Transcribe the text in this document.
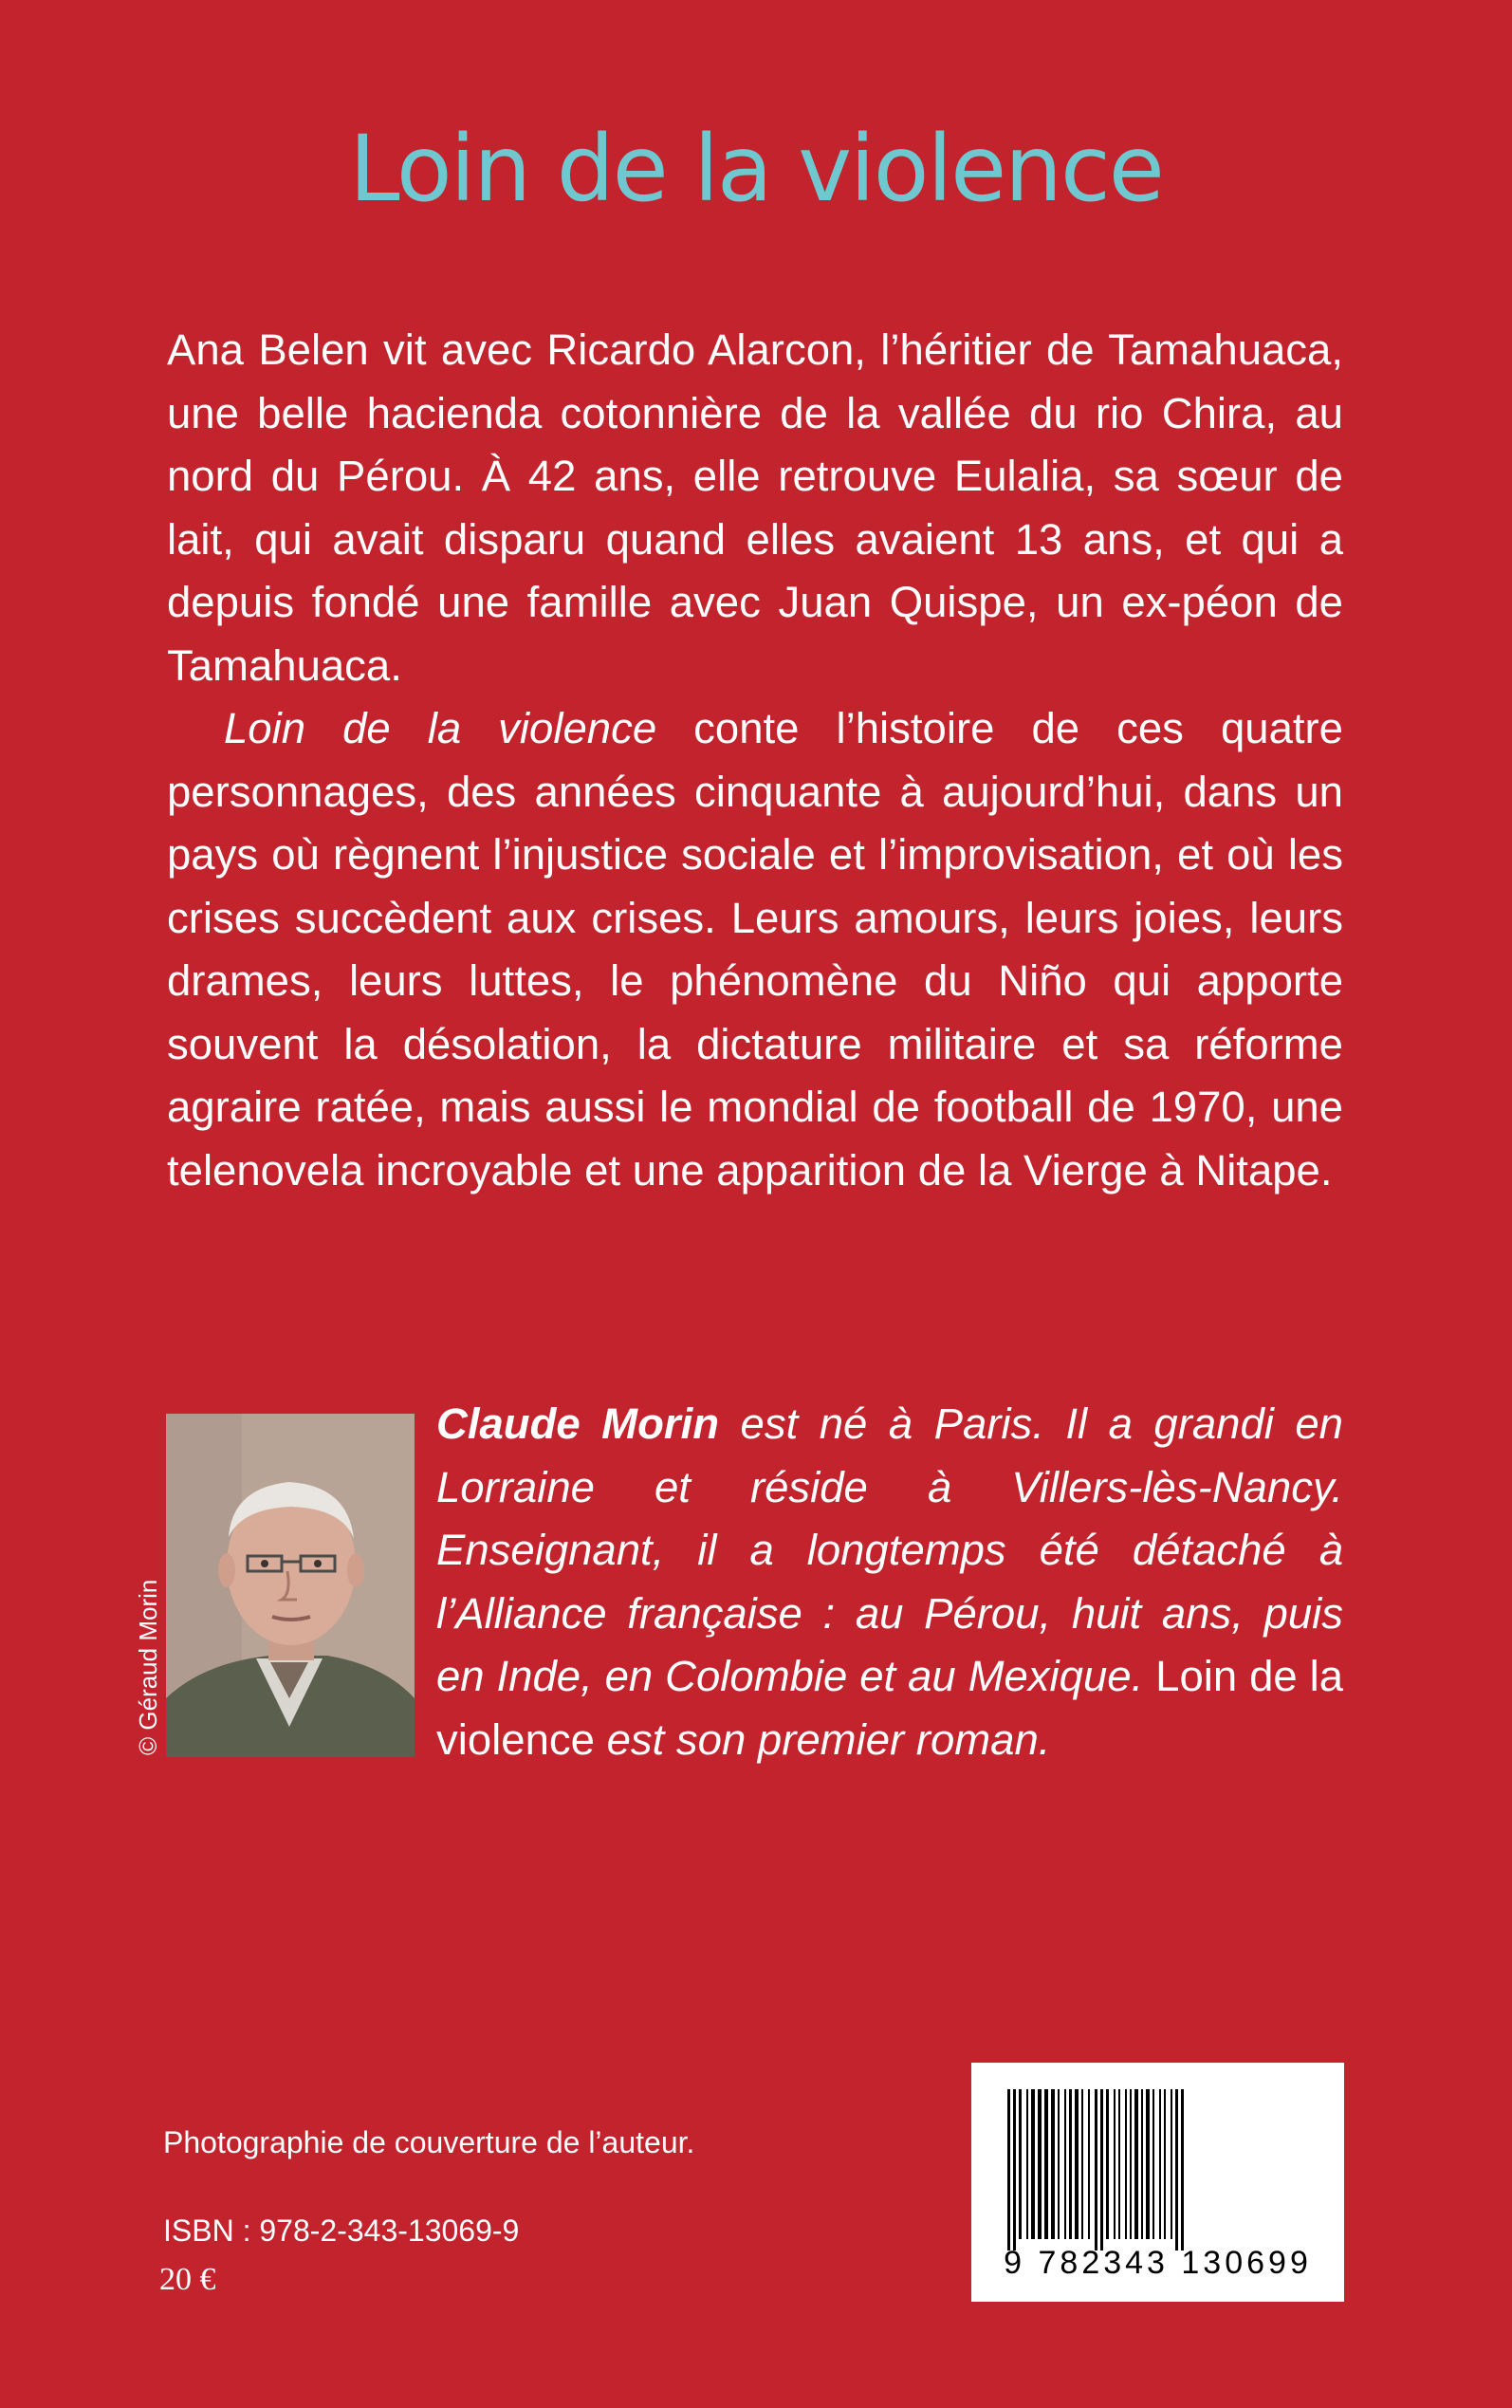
Loin de la violence

Ana Belen vit avec Ricardo Alarcon, l’héritier de Tamahuaca, une belle hacienda cotonnière de la vallée du rio Chira, au nord du Pérou. À 42 ans, elle retrouve Eulalia, sa sœur de lait, qui avait disparu quand elles avaient 13 ans, et qui a depuis fondé une famille avec Juan Quispe, un ex-péon de Tamahuaca.

Loin de la violence conte l’histoire de ces quatre personnages, des années cinquante à aujourd’hui, dans un pays où règnent l’injustice sociale et l’improvisation, et où les crises succèdent aux crises. Leurs amours, leurs joies, leurs drames, leurs luttes, le phénomène du Niño qui apporte souvent la désolation, la dictature militaire et sa réforme agraire ratée, mais aussi le mondial de football de 1970, une telenovela incroyable et une apparition de la Vierge à Nitape.

© Géraud Morin

Claude Morin est né à Paris. Il a grandi en Lorraine et réside à Villers-lès-Nancy. Enseignant, il a longtemps été détaché à l’Alliance française : au Pérou, huit ans, puis en Inde, en Colombie et au Mexique. Loin de la violence est son premier roman.

Photographie de couverture de l’auteur.
ISBN : 978-2-343-13069-9
20 €	9 782343 130699
